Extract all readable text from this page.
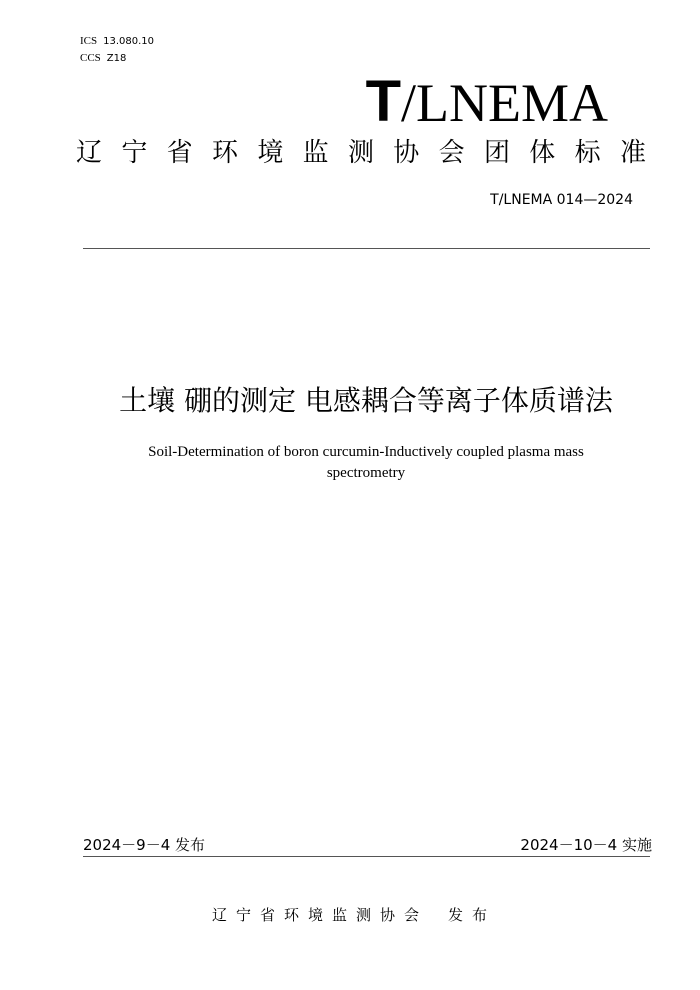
ICS 13.080.10
CCS Z18
T/LNEMA
辽 宁 省 环 境 监 测 协 会 团 体 标 准
T/LNEMA 014—2024
土壤 硼的测定 电感耦合等离子体质谱法
Soil-Determination of boron curcumin-Inductively coupled plasma mass spectrometry
2024－9－4 发布	2024－10－4 实施
辽宁省环境监测协会 发布
